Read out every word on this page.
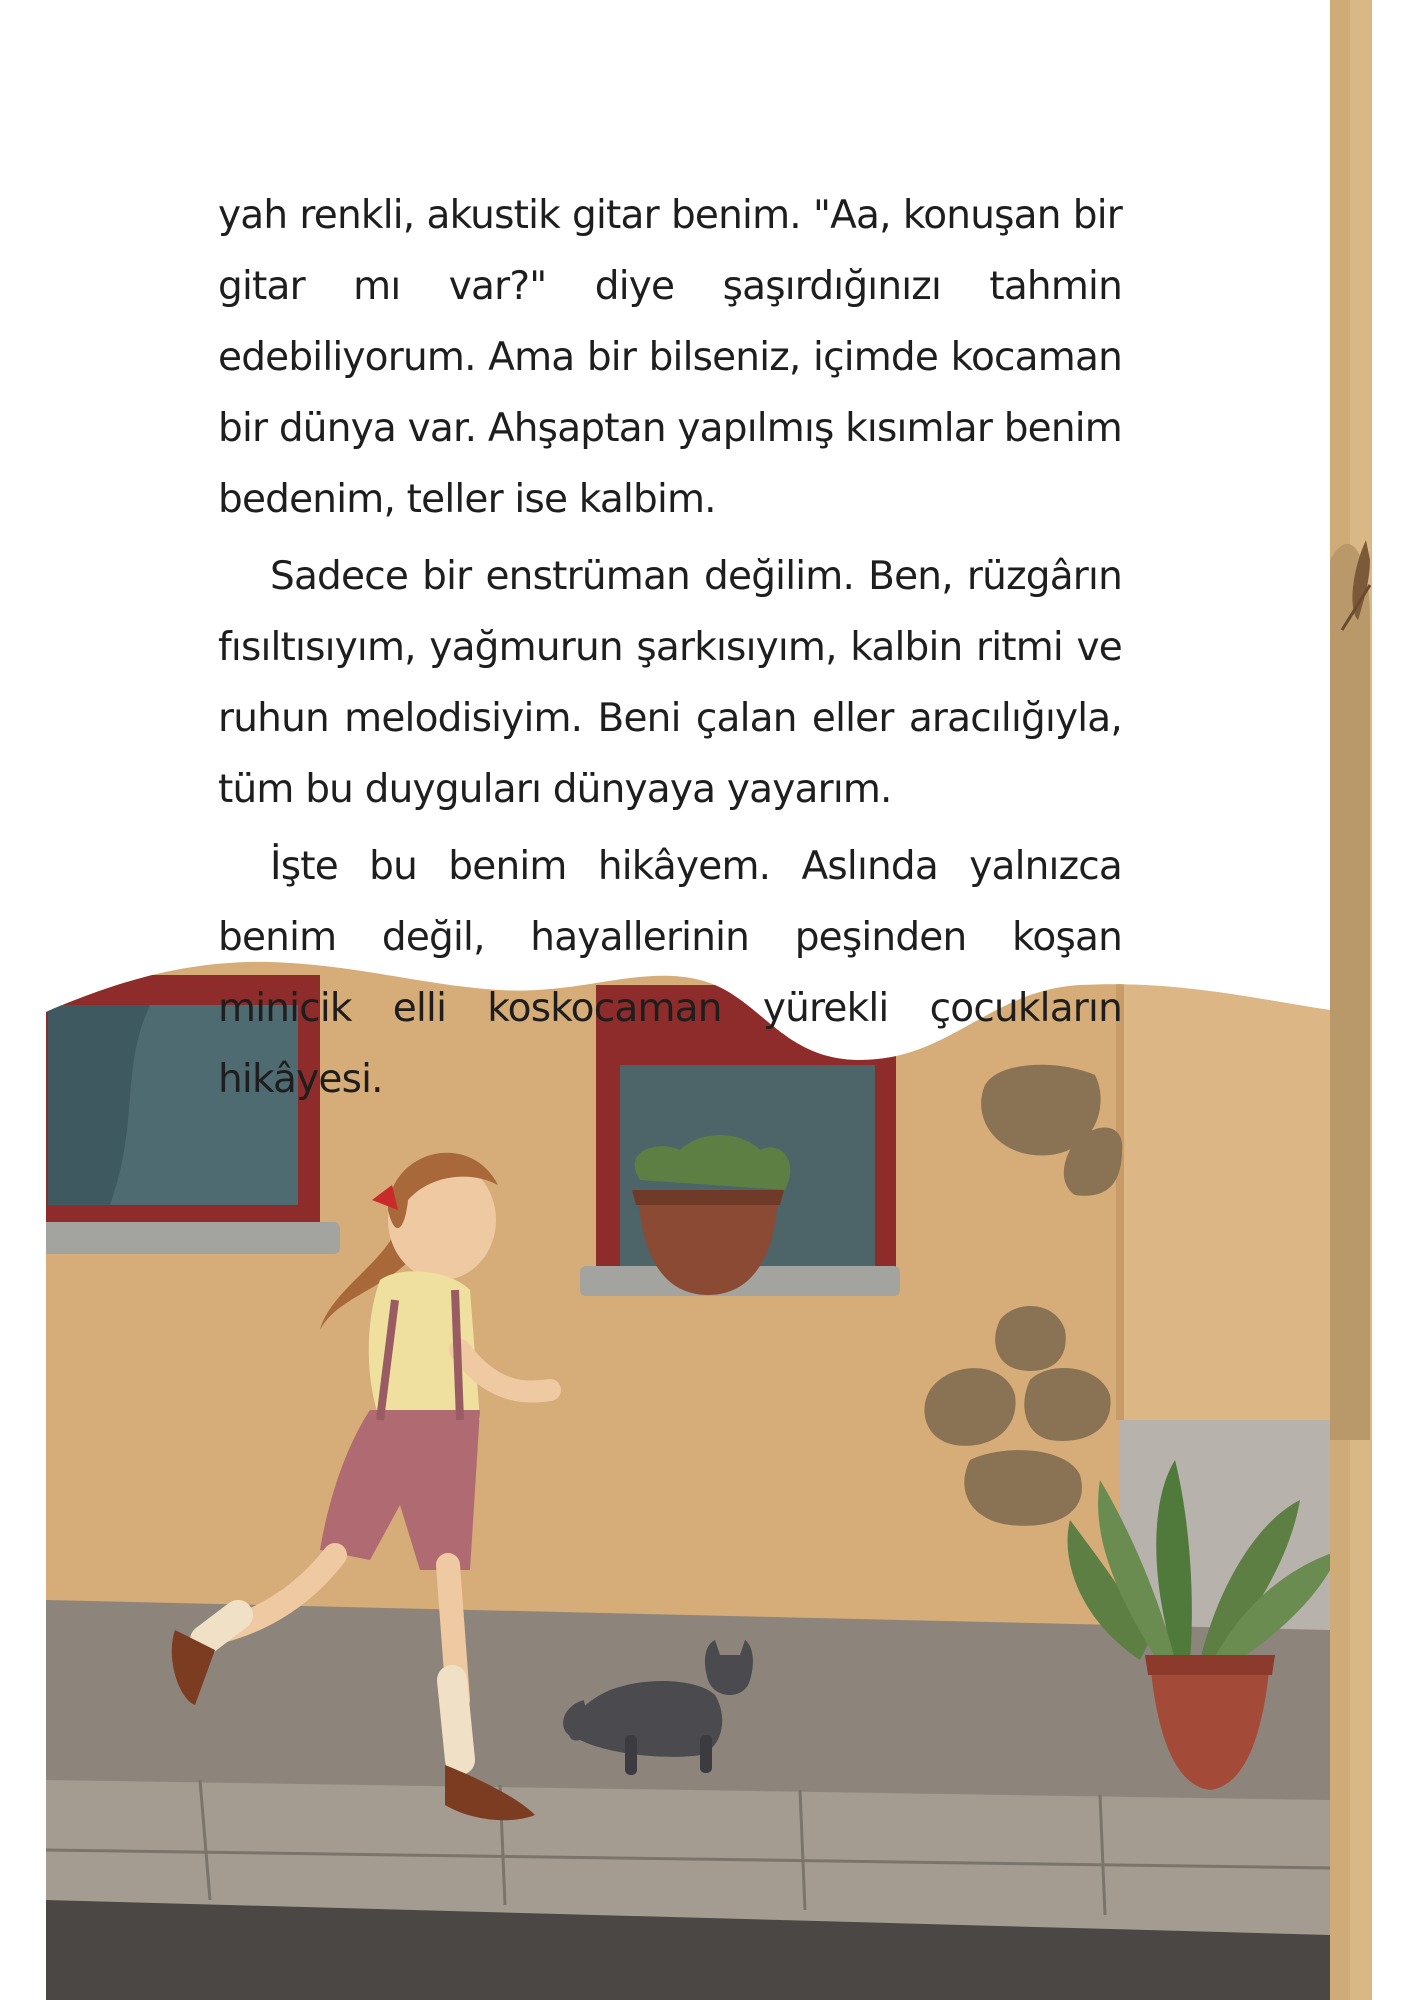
yah renkli, akustik gitar benim. "Aa, konuşan bir gitar mı var?" diye şaşırdığınızı tahmin edebiliyorum. Ama bir bilseniz, içimde kocaman bir dünya var. Ahşaptan yapılmış kısımlar benim bedenim, teller ise kalbim.

Sadece bir enstrüman değilim. Ben, rüzgârın fısıltısıyım, yağmurun şarkısıyım, kalbin ritmi ve ruhun melodisiyim. Beni çalan eller aracılığıyla, tüm bu duyguları dünyaya yayarım.

İşte bu benim hikâyem. Aslında yalnızca benim değil, hayallerinin peşinden koşan minicik elli koskocaman yürekli çocukların hikâyesi.
